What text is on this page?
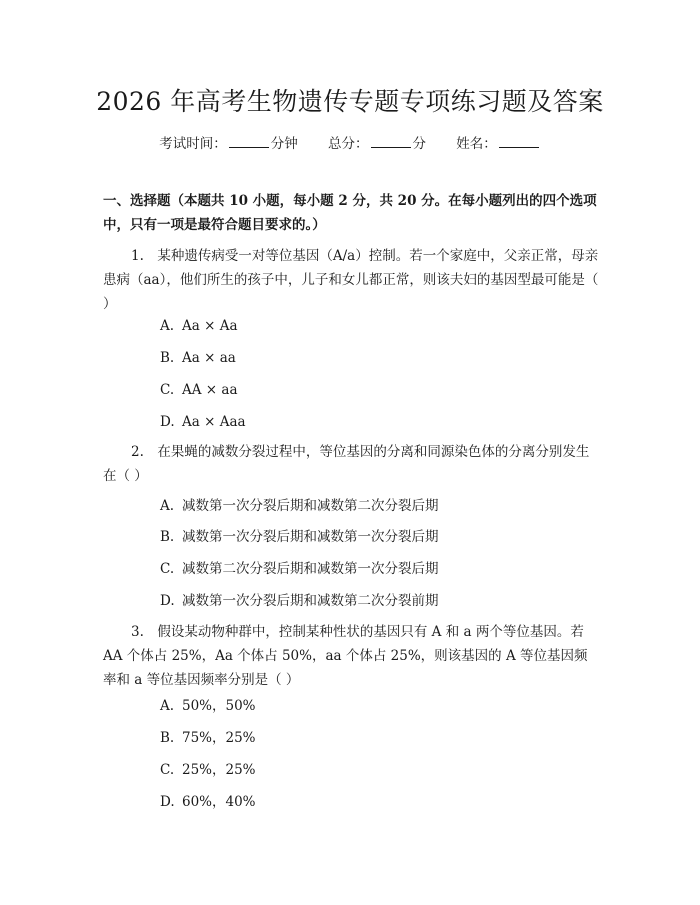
2026 年高考生物遗传专题专项练习题及答案
考试时间：	分钟 总分：	分 姓名：
一、选择题（本题共 10 小题，每小题 2 分，共 20 分。在每小题列出的四个选项中，只有一项是最符合题目要求的。）
1.　某种遗传病受一对等位基因（A/a）控制。若一个家庭中，父亲正常，母亲患病（aa），他们所生的孩子中，儿子和女儿都正常，则该夫妇的基因型最可能是（ ）
A. Aa × Aa
B. Aa × aa
C. AA × aa
D. Aa × Aaa
2.　在果蝇的减数分裂过程中，等位基因的分离和同源染色体的分离分别发生在（ ）
A. 减数第一次分裂后期和减数第二次分裂后期
B. 减数第一次分裂后期和减数第一次分裂后期
C. 减数第二次分裂后期和减数第一次分裂后期
D. 减数第一次分裂后期和减数第二次分裂前期
3.　假设某动物种群中，控制某种性状的基因只有 A 和 a 两个等位基因。若 AA 个体占 25%，Aa 个体占 50%，aa 个体占 25%，则该基因的 A 等位基因频率和 a 等位基因频率分别是（ ）
A. 50%，50%
B. 75%，25%
C. 25%，25%
D. 60%，40%
